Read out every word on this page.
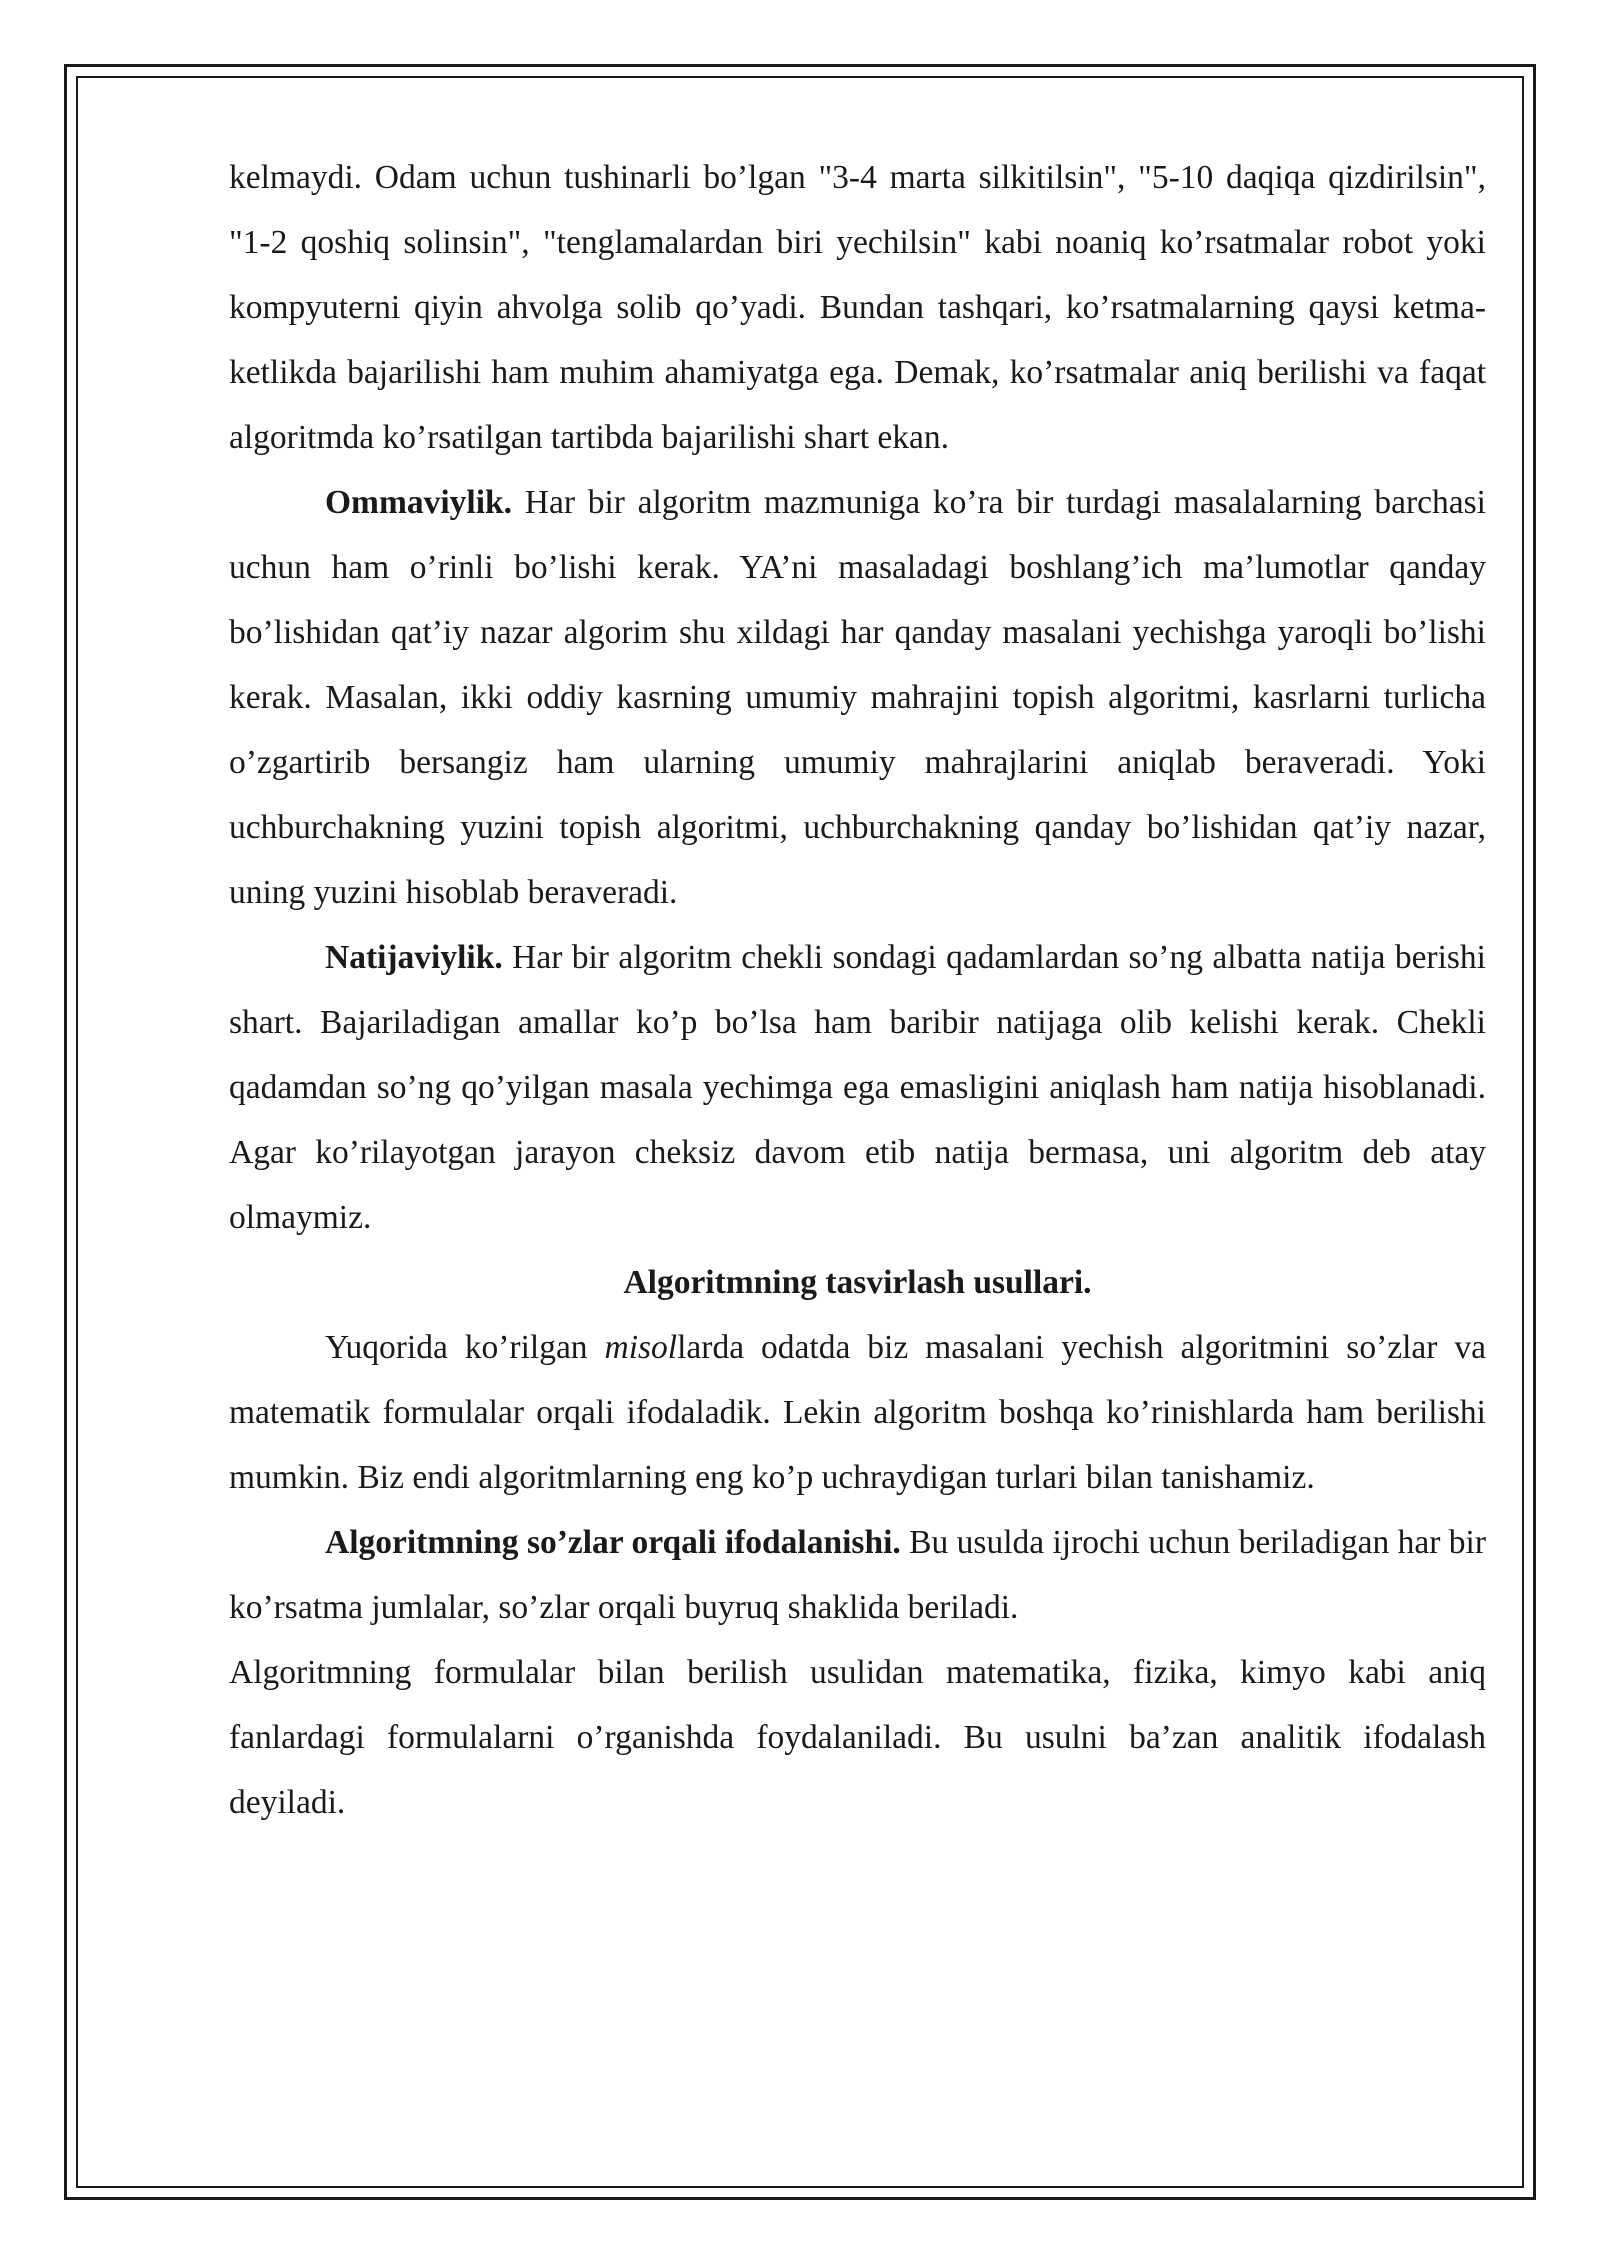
kelmaydi. Odam uchun tushinarli bo’lgan "3-4 marta silkitilsin", "5-10 daqiqa qizdirilsin", "1-2 qoshiq solinsin", "tenglamalardan biri yechilsin" kabi noaniq ko’rsatmalar robot yoki kompyuterni qiyin ahvolga solib qo’yadi. Bundan tashqari, ko’rsatmalarning qaysi ketma-ketlikda bajarilishi ham muhim ahamiyatga ega. Demak, ko’rsatmalar aniq berilishi va faqat algoritmda ko’rsatilgan tartibda bajarilishi shart ekan.

Ommaviylik. Har bir algoritm mazmuniga ko’ra bir turdagi masalalarning barchasi uchun ham o’rinli bo’lishi kerak. YA’ni masaladagi boshlang’ich ma’lumotlar qanday bo’lishidan qat’iy nazar algorim shu xildagi har qanday masalani yechishga yaroqli bo’lishi kerak. Masalan, ikki oddiy kasrning umumiy mahrajini topish algoritmi, kasrlarni turlicha o’zgartirib bersangiz ham ularning umumiy mahrajlarini aniqlab beraveradi. Yoki uchburchakning yuzini topish algoritmi, uchburchakning qanday bo’lishidan qat’iy nazar, uning yuzini hisoblab beraveradi.

Natijaviylik. Har bir algoritm chekli sondagi qadamlardan so’ng albatta natija berishi shart. Bajariladigan amallar ko’p bo’lsa ham baribir natijaga olib kelishi kerak. Chekli qadamdan so’ng qo’yilgan masala yechimga ega emasligini aniqlash ham natija hisoblanadi. Agar ko’rilayotgan jarayon cheksiz davom etib natija bermasa, uni algoritm deb atay olmaymiz.

Algoritmning tasvirlash usullari.

Yuqorida ko’rilgan misollarda odatda biz masalani yechish algoritmini so’zlar va matematik formulalar orqali ifodaladik. Lekin algoritm boshqa ko’rinishlarda ham berilishi mumkin. Biz endi algoritmlarning eng ko’p uchraydigan turlari bilan tanishamiz.

Algoritmning so’zlar orqali ifodalanishi. Bu usulda ijrochi uchun beriladigan har bir ko’rsatma jumlalar, so’zlar orqali buyruq shaklida beriladi.

Algoritmning formulalar bilan berilish usulidan matematika, fizika, kimyo kabi aniq fanlardagi formulalarni o’rganishda foydalaniladi. Bu usulni ba’zan analitik ifodalash deyiladi.
